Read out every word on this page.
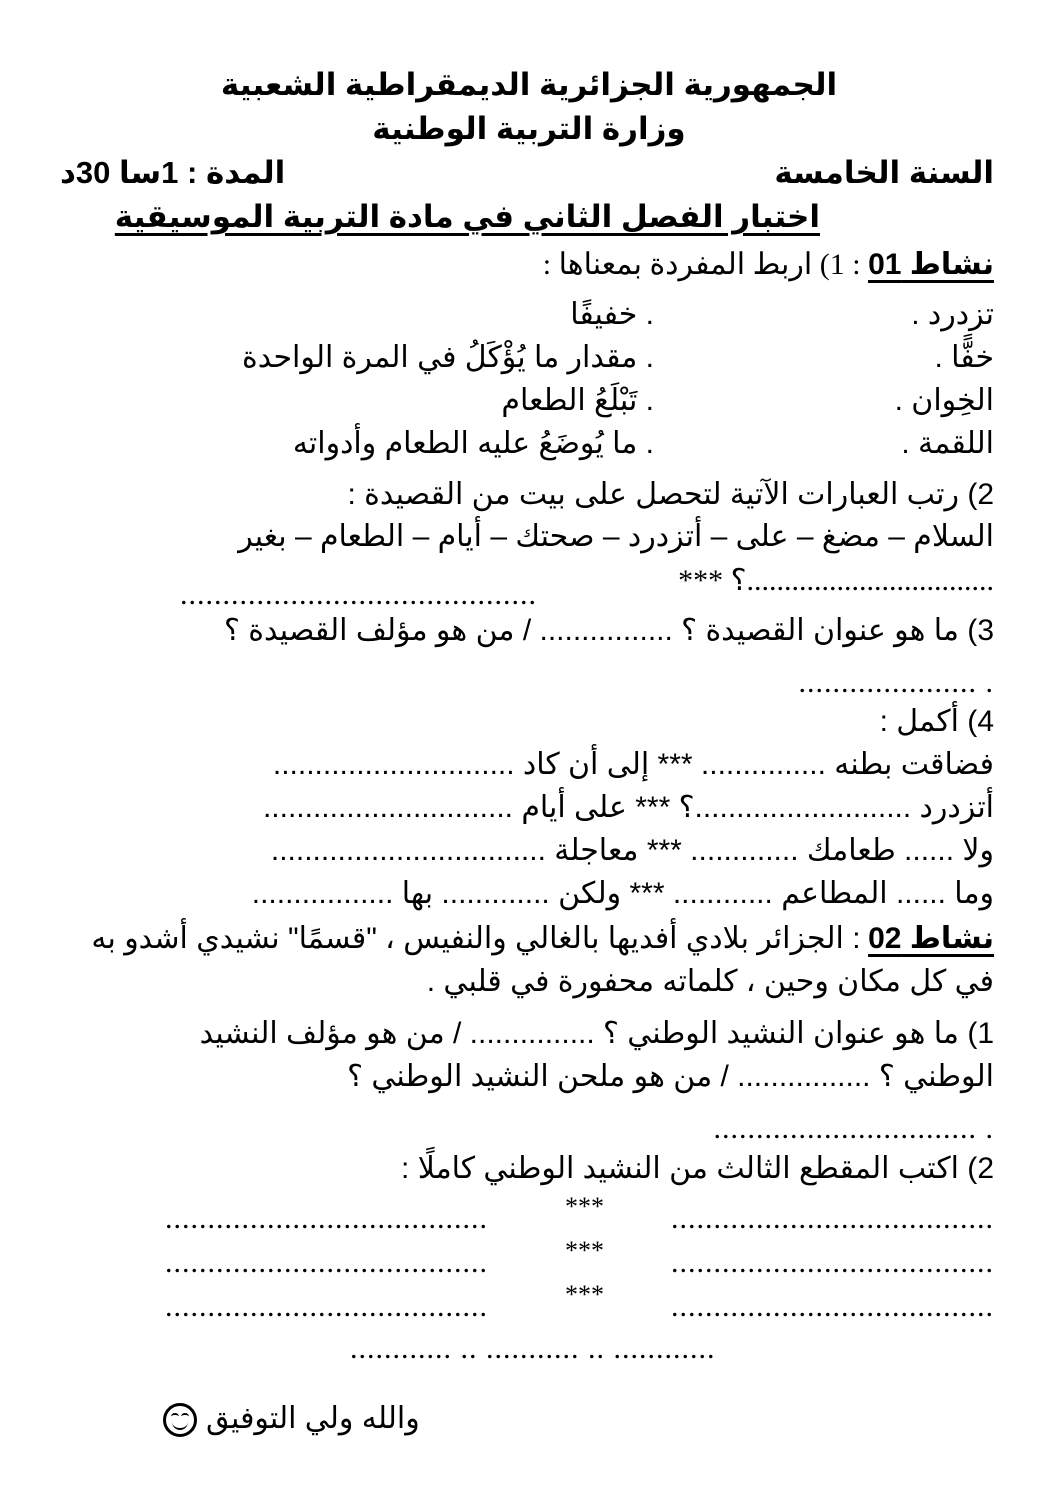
الجمهورية الجزائرية الديمقراطية الشعبية
وزارة التربية الوطنية
السنة الخامسة
المدة : 1سا 30د
اختبار الفصل الثاني في مادة التربية الموسيقية
نشاط 01 : 1) اربط المفردة بمعناها :
تزدرد .
. خفيفًا
خفًّا .
. مقدار ما يُؤْكَلُ في المرة الواحدة
الخِوان .
. تَبْلَعُ الطعام
اللقمة .
. ما يُوضَعُ عليه الطعام وأدواته
2) رتب العبارات الآتية لتحصل على بيت من القصيدة :
السلام – مضغ – على – أتزدرد – صحتك – أيام – الطعام – بغير
.................................؟ ***
..........................................
3) ما هو عنوان القصيدة ؟ ................ / من هو مؤلف القصيدة ؟
. .....................
4) أكمل :
فضاقت بطنه ............... *** إلى أن كاد .............................
أتزدرد ..........................؟ *** على أيام ..............................
ولا ...... طعامك ............. *** معاجلة .................................
وما ...... المطاعم ............ *** ولكن ............. بها .................
نشاط 02 : الجزائر بلادي أفديها بالغالي والنفيس ، "قسمًا" نشيدي أشدو به
في كل مكان وحين ، كلماته محفورة في قلبي .
1) ما هو عنوان النشيد الوطني ؟ ............... / من هو مؤلف النشيد
الوطني ؟ ................ / من هو ملحن النشيد الوطني ؟
. ...............................
2) اكتب المقطع الثالث من النشيد الوطني كاملًا :
*** ......................................
......................................
*** ......................................
......................................
*** ......................................
......................................
............ .. ........... .. ............
والله ولي التوفيق
